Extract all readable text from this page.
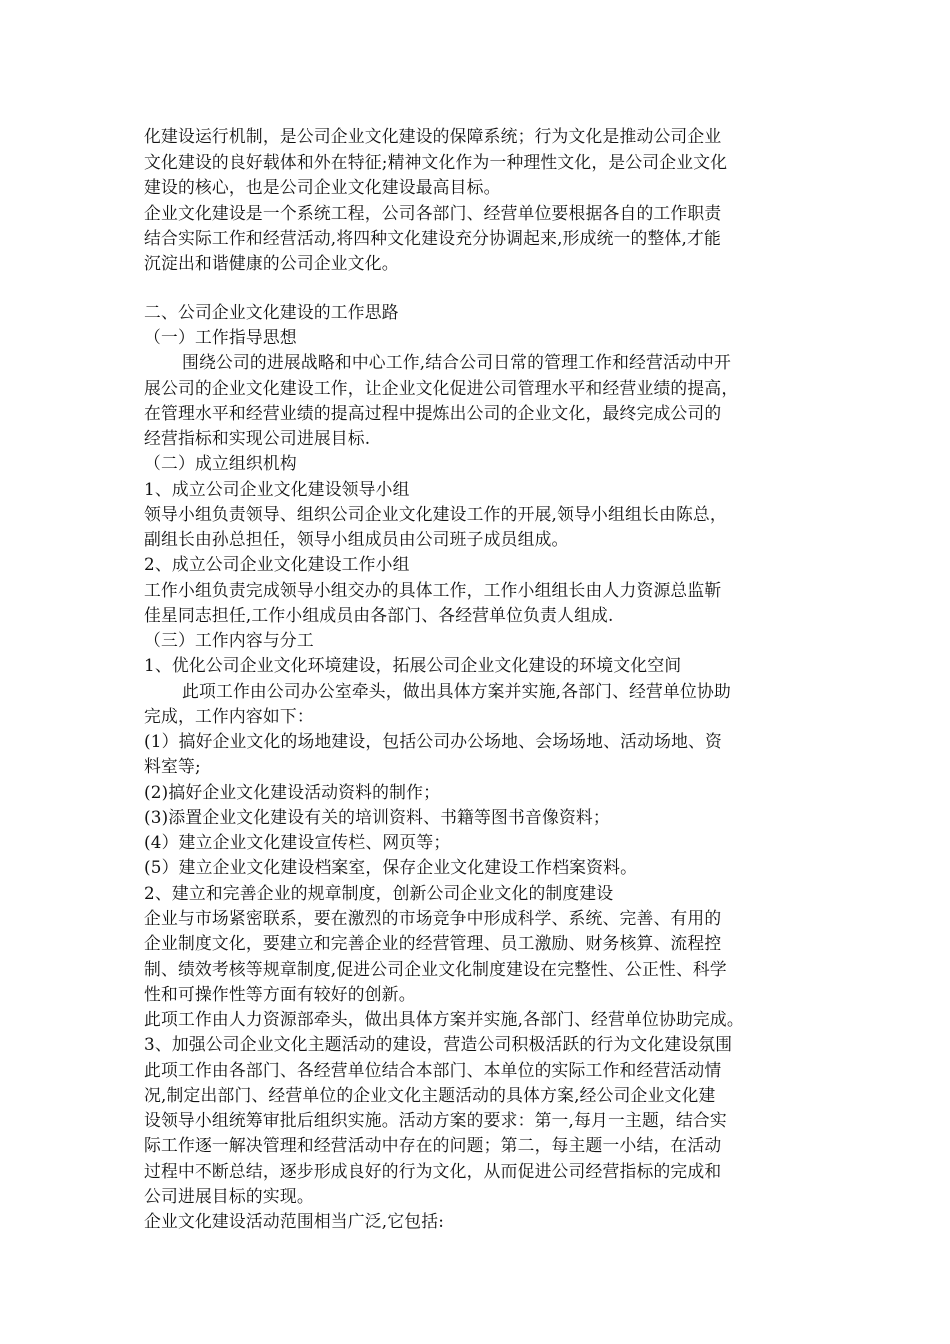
化建设运行机制，是公司企业文化建设的保障系统；行为文化是推动公司企业
文化建设的良好载体和外在特征;精神文化作为一种理性文化，是公司企业文化
建设的核心，也是公司企业文化建设最高目标。
企业文化建设是一个系统工程，公司各部门、经营单位要根据各自的工作职责
结合实际工作和经营活动,将四种文化建设充分协调起来,形成统一的整体,才能
沉淀出和谐健康的公司企业文化。
二、公司企业文化建设的工作思路
（一）工作指导思想
围绕公司的进展战略和中心工作,结合公司日常的管理工作和经营活动中开
展公司的企业文化建设工作，让企业文化促进公司管理水平和经营业绩的提高，
在管理水平和经营业绩的提高过程中提炼出公司的企业文化，最终完成公司的
经营指标和实现公司进展目标.
（二）成立组织机构
1、成立公司企业文化建设领导小组
领导小组负责领导、组织公司企业文化建设工作的开展,领导小组组长由陈总，
副组长由孙总担任，领导小组成员由公司班子成员组成。
2、成立公司企业文化建设工作小组
工作小组负责完成领导小组交办的具体工作，工作小组组长由人力资源总监靳
佳星同志担任,工作小组成员由各部门、各经营单位负责人组成.
（三）工作内容与分工
1、优化公司企业文化环境建设，拓展公司企业文化建设的环境文化空间
此项工作由公司办公室牵头，做出具体方案并实施,各部门、经营单位协助
完成，工作内容如下：
(1）搞好企业文化的场地建设，包括公司办公场地、会场场地、活动场地、资
料室等;
(2)搞好企业文化建设活动资料的制作；
(3)添置企业文化建设有关的培训资料、书籍等图书音像资料；
(4）建立企业文化建设宣传栏、网页等；
(5）建立企业文化建设档案室，保存企业文化建设工作档案资料。
2、建立和完善企业的规章制度，创新公司企业文化的制度建设
企业与市场紧密联系，要在激烈的市场竞争中形成科学、系统、完善、有用的
企业制度文化，要建立和完善企业的经营管理、员工激励、财务核算、流程控
制、绩效考核等规章制度,促进公司企业文化制度建设在完整性、公正性、科学
性和可操作性等方面有较好的创新。
此项工作由人力资源部牵头，做出具体方案并实施,各部门、经营单位协助完成。
3、加强公司企业文化主题活动的建设，营造公司积极活跃的行为文化建设氛围
此项工作由各部门、各经营单位结合本部门、本单位的实际工作和经营活动情
况,制定出部门、经营单位的企业文化主题活动的具体方案,经公司企业文化建
设领导小组统筹审批后组织实施。活动方案的要求：第一,每月一主题，结合实
际工作逐一解决管理和经营活动中存在的问题；第二，每主题一小结，在活动
过程中不断总结，逐步形成良好的行为文化，从而促进公司经营指标的完成和
公司进展目标的实现。
企业文化建设活动范围相当广泛,它包括:
